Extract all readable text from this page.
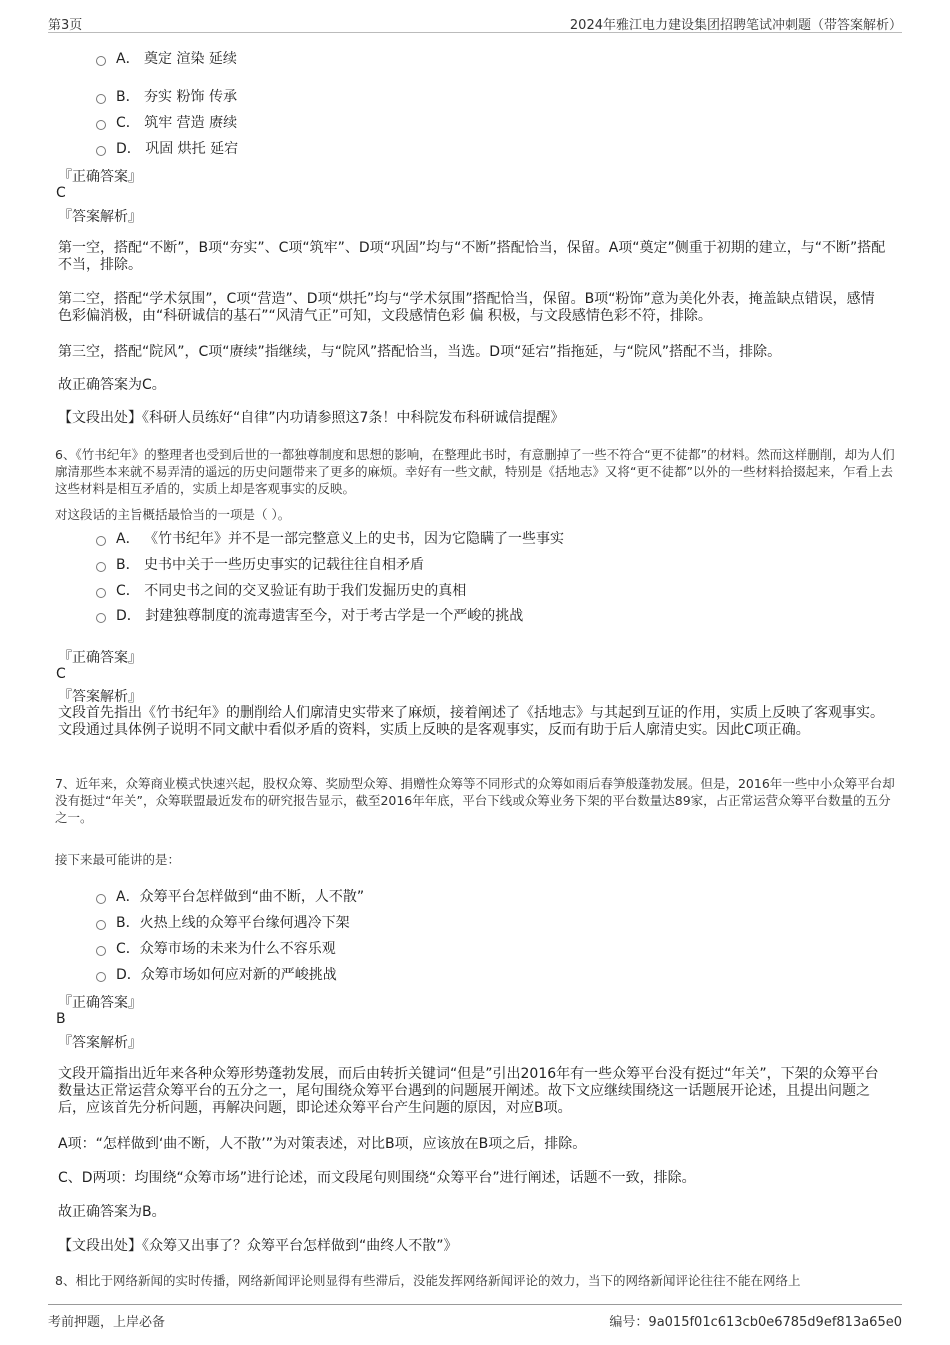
第3页	2024年雅江电力建设集团招聘笔试冲刺题（带答案解析）
A． 奠定 渲染 延续
B． 夯实 粉饰 传承
C． 筑牢 营造 赓续
D． 巩固 烘托 延宕
『正确答案』
C
『答案解析』
第一空，搭配“不断”，B项“夯实”、C项“筑牢”、D项“巩固”均与“不断”搭配恰当，保留。A项“奠定”侧重于初期的建立，与“不断”搭配不当，排除。
第二空，搭配“学术氛围”，C项“营造”、D项“烘托”均与“学术氛围”搭配恰当，保留。B项“粉饰”意为美化外表，掩盖缺点错误，感情色彩偏消极，由“科研诚信的基石”“风清气正”可知，文段感情色彩 偏 积极，与文段感情色彩不符，排除。
第三空，搭配“院风”，C项“赓续”指继续，与“院风”搭配恰当，当选。D项“延宕”指拖延，与“院风”搭配不当，排除。
故正确答案为C。
【文段出处】《科研人员练好“自律”内功请参照这7条！中科院发布科研诚信提醒》
6、《竹书纪年》的整理者也受到后世的一都独尊制度和思想的影响，在整理此书时，有意删掉了一些不符合“更不徒都”的材料。然而这样删削，却为人们廓清那些本来就不易弄清的遥远的历史问题带来了更多的麻烦。幸好有一些文献，特别是《括地志》又将“更不徒都”以外的一些材料拾掇起来，乍看上去这些材料是相互矛盾的，实质上却是客观事实的反映。
对这段话的主旨概括最恰当的一项是（ ）。
A． 《竹书纪年》并不是一部完整意义上的史书，因为它隐瞒了一些事实
B． 史书中关于一些历史事实的记载往往自相矛盾
C． 不同史书之间的交叉验证有助于我们发掘历史的真相
D． 封建独尊制度的流毒遗害至今，对于考古学是一个严峻的挑战
『正确答案』
C
『答案解析』
文段首先指出《竹书纪年》的删削给人们廓清史实带来了麻烦，接着阐述了《括地志》与其起到互证的作用，实质上反映了客观事实。文段通过具体例子说明不同文献中看似矛盾的资料，实质上反映的是客观事实，反而有助于后人廓清史实。因此C项正确。
7、近年来，众筹商业模式快速兴起，股权众筹、奖励型众筹、捐赠性众筹等不同形式的众筹如雨后春笋般蓬勃发展。但是，2016年一些中小众筹平台却没有挺过“年关”，众筹联盟最近发布的研究报告显示，截至2016年年底，平台下线或众筹业务下架的平台数量达89家，占正常运营众筹平台数量的五分之一。
接下来最可能讲的是：
A．众筹平台怎样做到“曲不断，人不散”
B．火热上线的众筹平台缘何遇冷下架
C．众筹市场的未来为什么不容乐观
D．众筹市场如何应对新的严峻挑战
『正确答案』
B
『答案解析』
文段开篇指出近年来各种众筹形势蓬勃发展，而后由转折关键词“但是”引出2016年有一些众筹平台没有挺过“年关”，下架的众筹平台数量达正常运营众筹平台的五分之一，尾句围绕众筹平台遇到的问题展开阐述。故下文应继续围绕这一话题展开论述，且提出问题之后，应该首先分析问题，再解决问题，即论述众筹平台产生问题的原因，对应B项。
A项：“怎样做到‘曲不断，人不散’”为对策表述，对比B项，应该放在B项之后，排除。
C、D两项：均围绕“众筹市场”进行论述，而文段尾句则围绕“众筹平台”进行阐述，话题不一致，排除。
故正确答案为B。
【文段出处】《众筹又出事了？众筹平台怎样做到“曲终人不散”》
8、相比于网络新闻的实时传播，网络新闻评论则显得有些滞后，没能发挥网络新闻评论的效力，当下的网络新闻评论往往不能在网络上
考前押题，上岸必备	编号：9a015f01c613cb0e6785d9ef813a65e0
